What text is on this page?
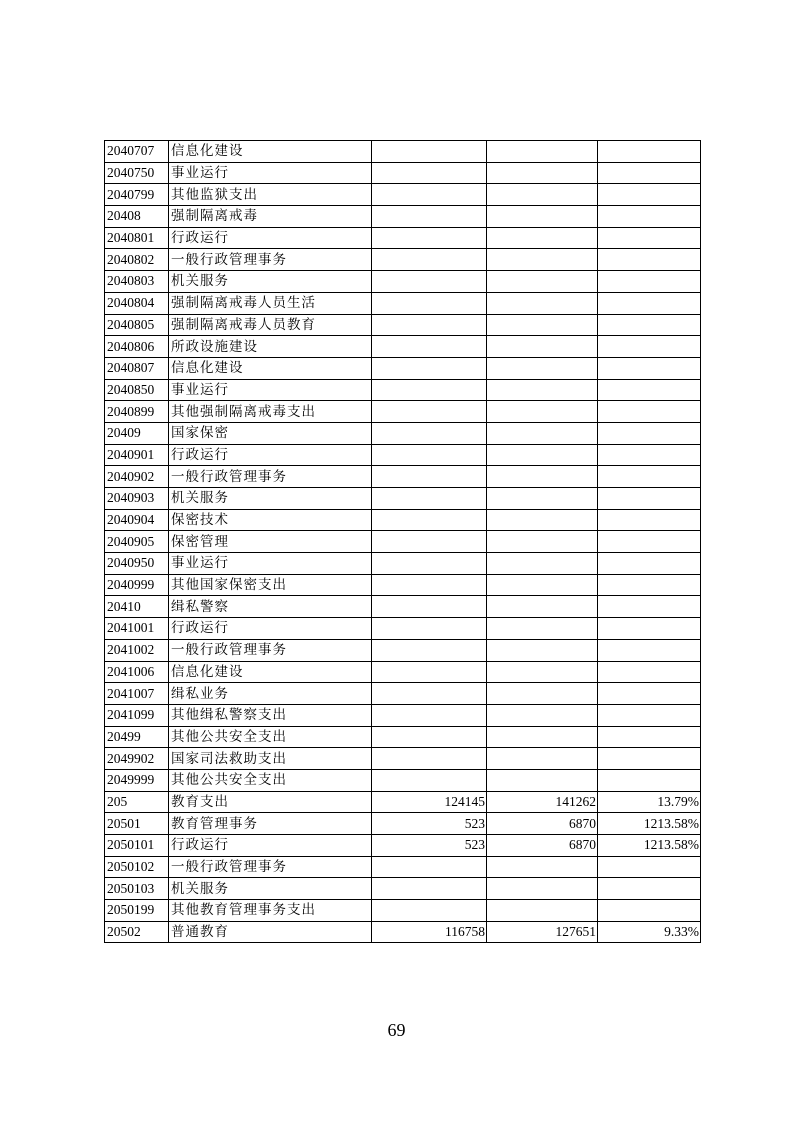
2040707	信息化建设			
2040750	事业运行			
2040799	其他监狱支出			
20408	强制隔离戒毒			
2040801	行政运行			
2040802	一般行政管理事务			
2040803	机关服务			
2040804	强制隔离戒毒人员生活			
2040805	强制隔离戒毒人员教育			
2040806	所政设施建设			
2040807	信息化建设			
2040850	事业运行			
2040899	其他强制隔离戒毒支出			
20409	国家保密			
2040901	行政运行			
2040902	一般行政管理事务			
2040903	机关服务			
2040904	保密技术			
2040905	保密管理			
2040950	事业运行			
2040999	其他国家保密支出			
20410	缉私警察			
2041001	行政运行			
2041002	一般行政管理事务			
2041006	信息化建设			
2041007	缉私业务			
2041099	其他缉私警察支出			
20499	其他公共安全支出			
2049902	国家司法救助支出			
2049999	其他公共安全支出			
205	教育支出	124145	141262	13.79%
20501	教育管理事务	523	6870	1213.58%
2050101	行政运行	523	6870	1213.58%
2050102	一般行政管理事务			
2050103	机关服务			
2050199	其他教育管理事务支出			
20502	普通教育	116758	127651	9.33%
69
